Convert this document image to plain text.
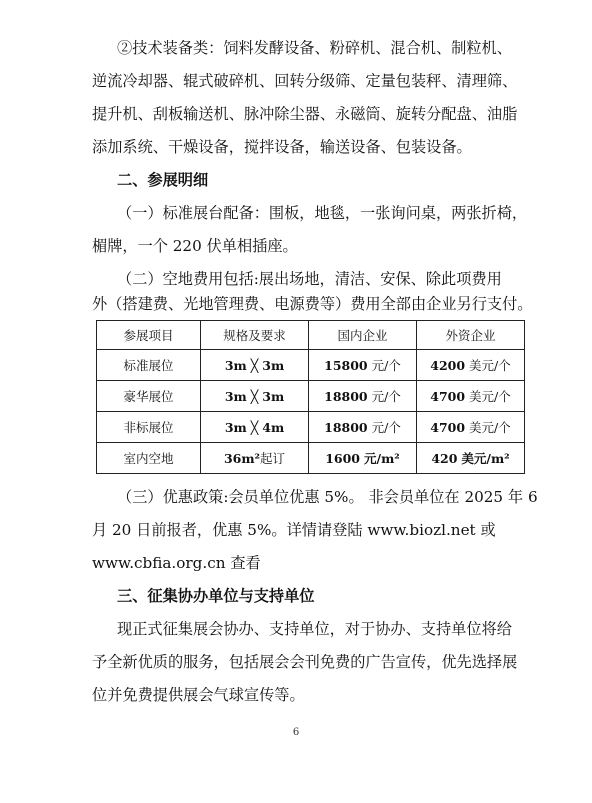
②技术装备类：饲料发酵设备、粉碎机、混合机、制粒机、
逆流冷却器、辊式破碎机、回转分级筛、定量包装秤、清理筛、
提升机、刮板输送机、脉冲除尘器、永磁筒、旋转分配盘、油脂
添加系统、干燥设备，搅拌设备，输送设备、包装设备。
二、参展明细
（一）标准展台配备：围板，地毯，一张询问桌，两张折椅，
楣牌，一个 220 伏单相插座。
（二）空地费用包括:展出场地，清洁、安保、除此项费用
外（搭建费、光地管理费、电源费等）费用全部由企业另行支付。
参展项目	规格及要求	国内企业	外资企业
标准展位	3m ╳ 3m	15800 元/个	4200 美元/个
豪华展位	3m ╳ 3m	18800 元/个	4700 美元/个
非标展位	3m ╳ 4m	18800 元/个	4700 美元/个
室内空地	36m²起订	1600 元/m²	420 美元/m²
（三）优惠政策:会员单位优惠 5%。 非会员单位在 2025 年 6
月 20 日前报者，优惠 5%。详情请登陆 www.biozl.net 或
www.cbfia.org.cn 查看
三、征集协办单位与支持单位
现正式征集展会协办、支持单位，对于协办、支持单位将给
予全新优质的服务，包括展会会刊免费的广告宣传，优先选择展
位并免费提供展会气球宣传等。
6
